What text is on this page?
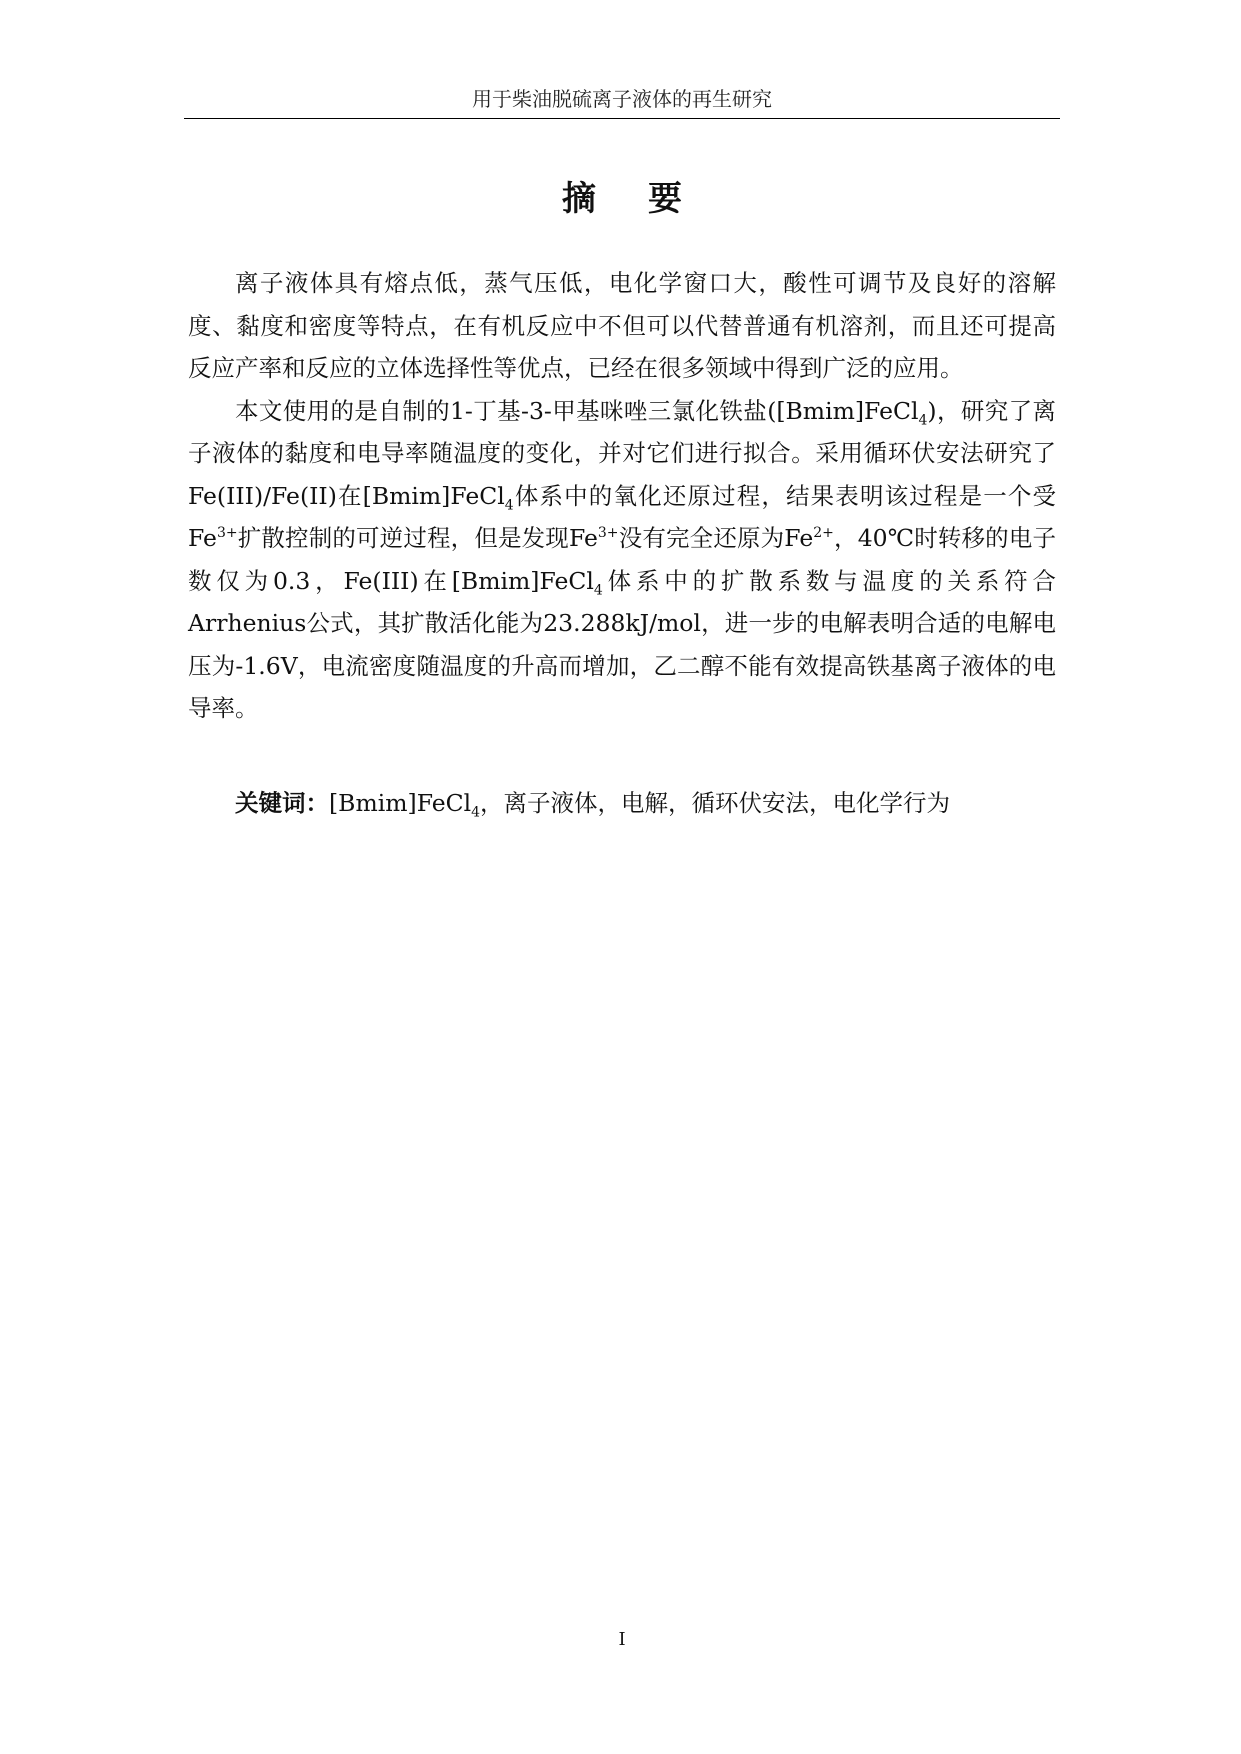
用于柴油脱硫离子液体的再生研究
摘要

离子液体具有熔点低，蒸气压低，电化学窗口大，酸性可调节及良好的溶解度、黏度和密度等特点，在有机反应中不但可以代替普通有机溶剂，而且还可提高反应产率和反应的立体选择性等优点，已经在很多领域中得到广泛的应用。

本文使用的是自制的1-丁基-3-甲基咪唑三氯化铁盐([Bmim]FeCl$_4$)，研究了离子液体的黏度和电导率随温度的变化，并对它们进行拟合。采用循环伏安法研究了Fe(III)/Fe(II)在[Bmim]FeCl$_4$体系中的氧化还原过程，结果表明该过程是一个受$Fe^{3+}$扩散控制的可逆过程，但是发现$Fe^{3+}$没有完全还原为$Fe^{2+}$，40℃时转移的电子数仅为0.3，Fe(III)在[Bmim]FeCl$_4$体系中的扩散系数与温度的关系符合Arrhenius公式，其扩散活化能为23.288kJ/mol，进一步的电解表明合适的电解电压为-1.6V，电流密度随温度的升高而增加，乙二醇不能有效提高铁基离子液体的电导率。

关键词：[Bmim]FeCl$_4$，离子液体，电解，循环伏安法，电化学行为
I
